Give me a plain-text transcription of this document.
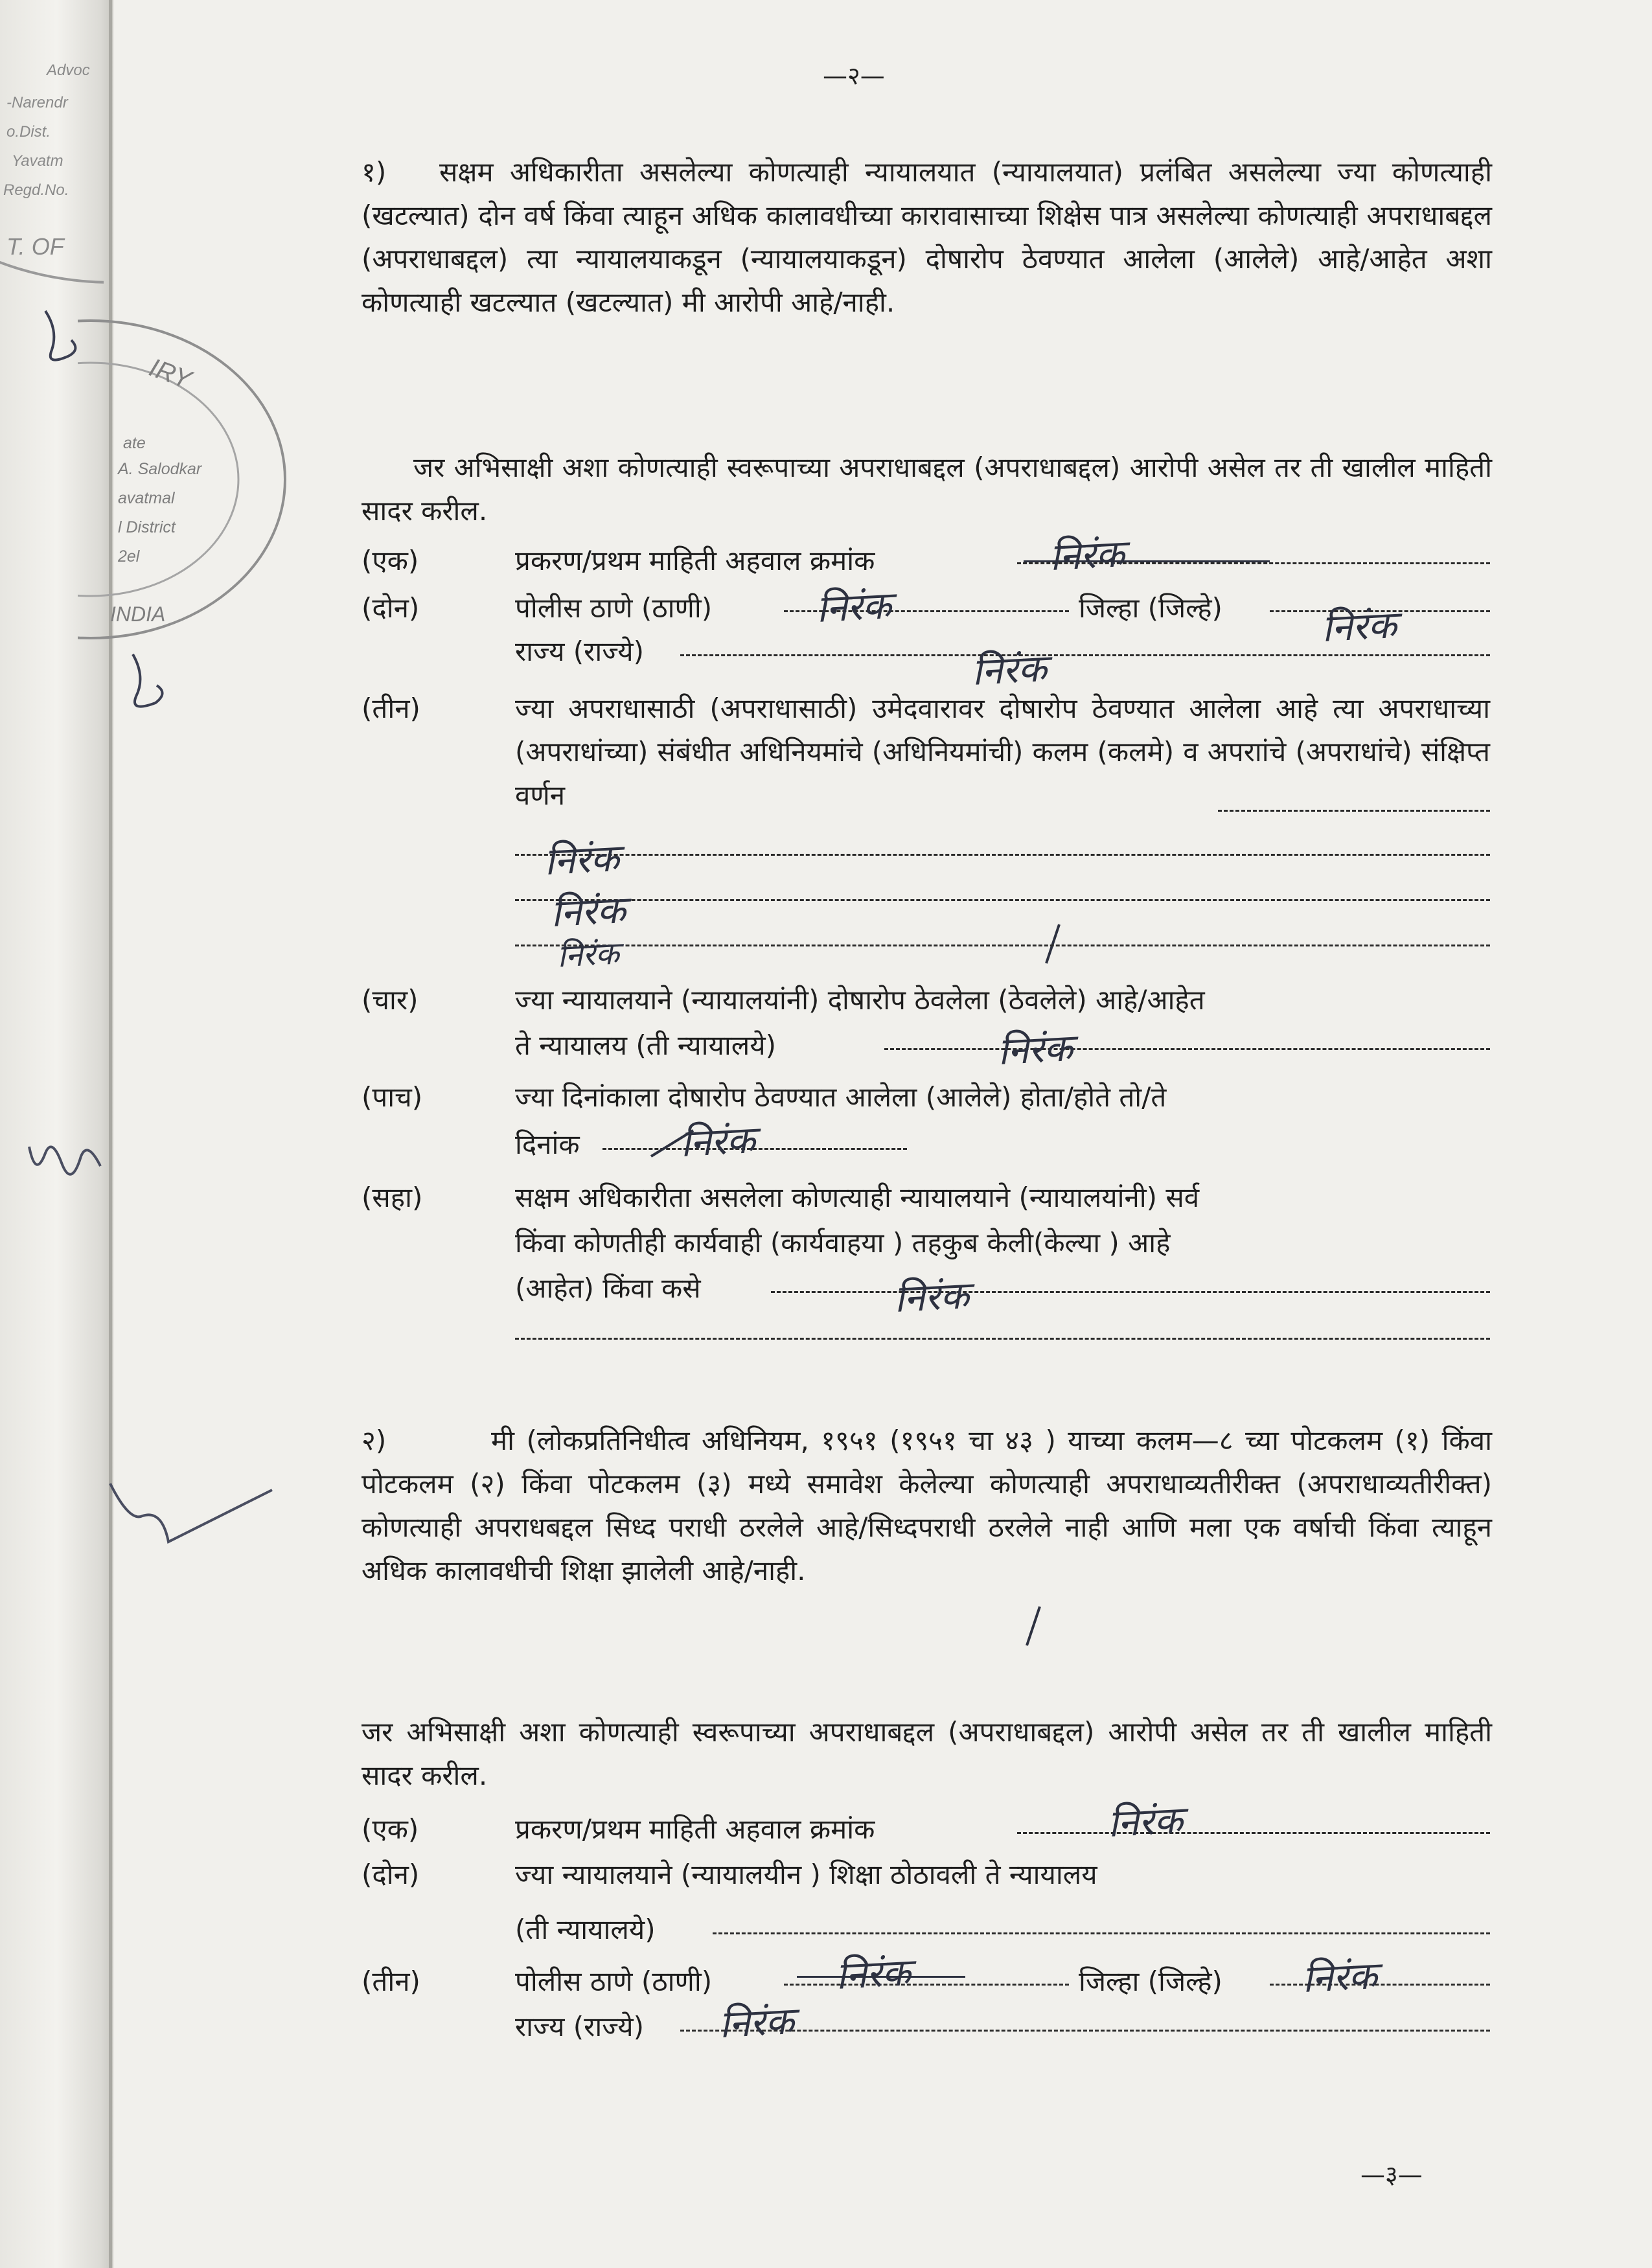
Advoc
-Narendr
o.Dist.
Yavatm
Regd.No.
T. OF
IRY
ate
A. Salodkar
avatmal
l District
2el
INDIA
—२—

१) सक्षम अधिकारीता असलेल्या कोणत्याही न्यायालयात (न्यायालयात) प्रलंबित असलेल्या ज्या कोणत्याही (खटल्यात) दोन वर्ष किंवा त्याहून अधिक कालावधीच्या कारावासाच्या शिक्षेस पात्र असलेल्या कोणत्याही अपराधाबद्दल (अपराधाबद्दल) त्या न्यायालयाकडून (न्यायालयाकडून) दोषारोप ठेवण्यात आलेला (आलेले) आहे/आहेत अशा कोणत्याही खटल्यात (खटल्यात) मी आरोपी आहे/नाही.

जर अभिसाक्षी अशा कोणत्याही स्वरूपाच्या अपराधाबद्दल (अपराधाबद्दल) आरोपी असेल तर ती खालील माहिती सादर करील.

(एक)	प्रकरण/प्रथम माहिती अहवाल क्रमांक	निरंक
(दोन)	पोलीस ठाणे (ठाणी)	निरंक	जिल्हा (जिल्हे)	निरंक
राज्य (राज्ये)	निरंक
(तीन)	ज्या अपराधासाठी (अपराधासाठी) उमेदवारावर दोषारोप ठेवण्यात आलेला आहे त्या अपराधाच्या (अपराधांच्या) संबंधीत अधिनियमांचे (अधिनियमांची) कलम (कलमे) व अपराांचे (अपराधांचे) संक्षिप्त वर्णन

निरंक
निरंक
निरंक
(चार)	ज्या न्यायालयाने (न्यायालयांनी) दोषारोप ठेवलेला (ठेवलेले) आहे/आहेत
ते न्यायालय (ती न्यायालये)	निरंक
(पाच)	ज्या दिनांकाला दोषारोप ठेवण्यात आलेला (आलेले) होता/होते तो/ते
दिनांक	निरंक
(सहा)	सक्षम अधिकारीता असलेला कोणत्याही न्यायालयाने (न्यायालयांनी) सर्व
किंवा कोणतीही कार्यवाही (कार्यवाहया ) तहकुब केली(केल्या ) आहे
(आहेत) किंवा कसे	निरंक

२)	मी (लोकप्रतिनिधीत्व अधिनियम, १९५१ (१९५१ चा ४३ ) याच्या कलम—८ च्या पोटकलम (१) किंवा पोटकलम (२) किंवा पोटकलम (३) मध्ये समावेश केलेल्या कोणत्याही अपराधाव्यतीरीक्त (अपराधाव्यतीरीक्त) कोणत्याही अपराधबद्दल सिध्द पराधी ठरलेले आहे/सिध्दपराधी ठरलेले नाही आणि मला एक वर्षाची किंवा त्याहून अधिक कालावधीची शिक्षा झालेली आहे/नाही.

जर अभिसाक्षी अशा कोणत्याही स्वरूपाच्या अपराधाबद्दल (अपराधाबद्दल) आरोपी असेल तर ती खालील माहिती सादर करील.

(एक)	प्रकरण/प्रथम माहिती अहवाल क्रमांक	निरंक
(दोन)	ज्या न्यायालयाने (न्यायालयीन ) शिक्षा ठोठावली ते न्यायालय
(ती न्यायालये)
(तीन)	पोलीस ठाणे (ठाणी)	निरंक	जिल्हा (जिल्हे) निरंक
राज्य (राज्ये) निरंक
—३—
